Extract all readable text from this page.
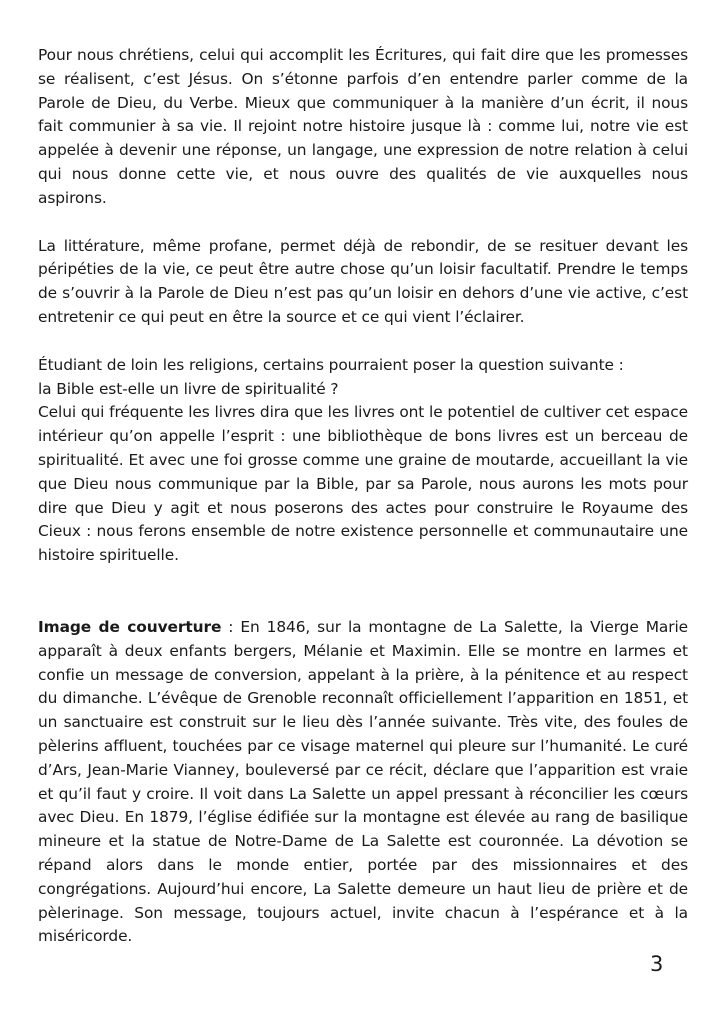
Pour nous chrétiens, celui qui accomplit les Écritures, qui fait dire que les promesses se réalisent, c’est Jésus. On s’étonne parfois d’en entendre parler comme de la Parole de Dieu, du Verbe. Mieux que communiquer à la manière d’un écrit, il nous fait communier à sa vie. Il rejoint notre histoire jusque là : comme lui, notre vie est appelée à devenir une réponse, un langage, une expression de notre relation à celui qui nous donne cette vie, et nous ouvre des qualités de vie auxquelles nous aspirons.

La littérature, même profane, permet déjà de rebondir, de se resituer devant les péripéties de la vie, ce peut être autre chose qu’un loisir facultatif. Prendre le temps de s’ouvrir à la Parole de Dieu n’est pas qu’un loisir en dehors d’une vie active, c’est entretenir ce qui peut en être la source et ce qui vient l’éclairer.

Étudiant de loin les religions, certains pourraient poser la question suivante :
la Bible est-elle un livre de spiritualité ?
Celui qui fréquente les livres dira que les livres ont le potentiel de cultiver cet espace intérieur qu’on appelle l’esprit : une bibliothèque de bons livres est un berceau de spiritualité. Et avec une foi grosse comme une graine de moutarde, accueillant la vie que Dieu nous communique par la Bible, par sa Parole, nous aurons les mots pour dire que Dieu y agit et nous poserons des actes pour construire le Royaume des Cieux : nous ferons ensemble de notre existence personnelle et communautaire une histoire spirituelle.

Image de couverture : En 1846, sur la montagne de La Salette, la Vierge Marie apparaît à deux enfants bergers, Mélanie et Maximin. Elle se montre en larmes et confie un message de conversion, appelant à la prière, à la pénitence et au respect du dimanche. L’évêque de Grenoble reconnaît officiellement l’apparition en 1851, et un sanctuaire est construit sur le lieu dès l’année suivante. Très vite, des foules de pèlerins affluent, touchées par ce visage maternel qui pleure sur l’humanité. Le curé d’Ars, Jean-Marie Vianney, bouleversé par ce récit, déclare que l’apparition est vraie et qu’il faut y croire. Il voit dans La Salette un appel pressant à réconcilier les cœurs avec Dieu. En 1879, l’église édifiée sur la montagne est élevée au rang de basilique mineure et la statue de Notre-Dame de La Salette est couronnée. La dévotion se répand alors dans le monde entier, portée par des missionnaires et des congrégations. Aujourd’hui encore, La Salette demeure un haut lieu de prière et de pèlerinage. Son message, toujours actuel, invite chacun à l’espérance et à la miséricorde.

3
